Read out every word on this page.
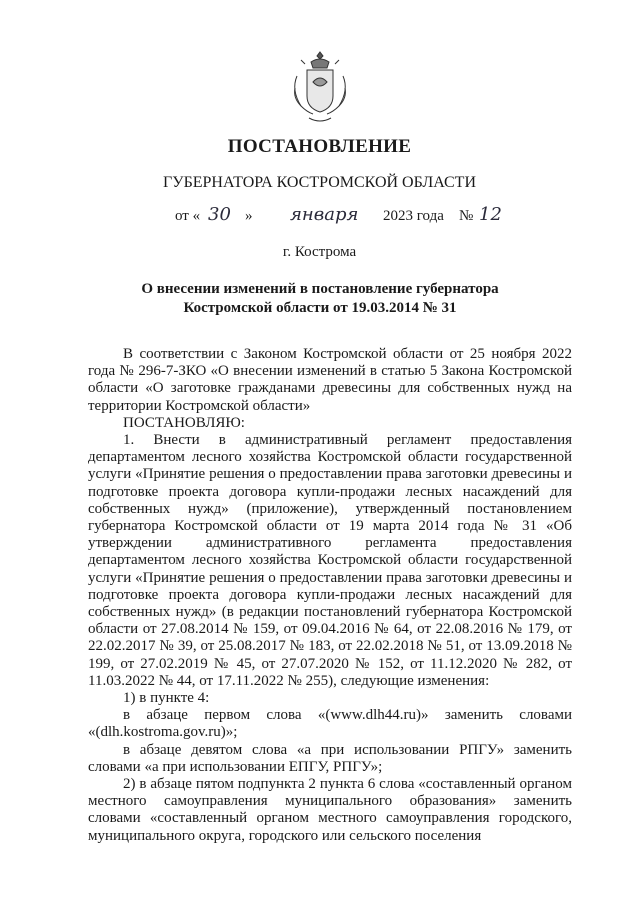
ПОСТАНОВЛЕНИЕ
ГУБЕРНАТОРА КОСТРОМСКОЙ ОБЛАСТИ
от « 30 » января 2023 года № 12
г. Кострома
О внесении изменений в постановление губернатора
Костромской области от 19.03.2014 № 31

В соответствии с Законом Костромской области от 25 ноября 2022 года № 296-7-ЗКО «О внесении изменений в статью 5 Закона Костромской области «О заготовке гражданами древесины для собственных нужд на территории Костромской области»

ПОСТАНОВЛЯЮ:

1. Внести в административный регламент предоставления департаментом лесного хозяйства Костромской области государственной услуги «Принятие решения о предоставлении права заготовки древесины и подготовке проекта договора купли-продажи лесных насаждений для собственных нужд» (приложение), утвержденный постановлением губернатора Костромской области от 19 марта 2014 года № 31 «Об утверждении административного регламента предоставления департаментом лесного хозяйства Костромской области государственной услуги «Принятие решения о предоставлении права заготовки древесины и подготовке проекта договора купли-продажи лесных насаждений для собственных нужд» (в редакции постановлений губернатора Костромской области от 27.08.2014 № 159, от 09.04.2016 № 64, от 22.08.2016 № 179, от 22.02.2017 № 39, от 25.08.2017 № 183, от 22.02.2018 № 51, от 13.09.2018 № 199, от 27.02.2019 № 45, от 27.07.2020 № 152, от 11.12.2020 № 282, от 11.03.2022 № 44, от 17.11.2022 № 255), следующие изменения:

1) в пункте 4:

в абзаце первом слова «(www.dlh44.ru)» заменить словами «(dlh.kostroma.gov.ru)»;

в абзаце девятом слова «а при использовании РПГУ» заменить словами «а при использовании ЕПГУ, РПГУ»;

2) в абзаце пятом подпункта 2 пункта 6 слова «составленный органом местного самоуправления муниципального образования» заменить словами «составленный органом местного самоуправления городского, муниципального округа, городского или сельского поселения
